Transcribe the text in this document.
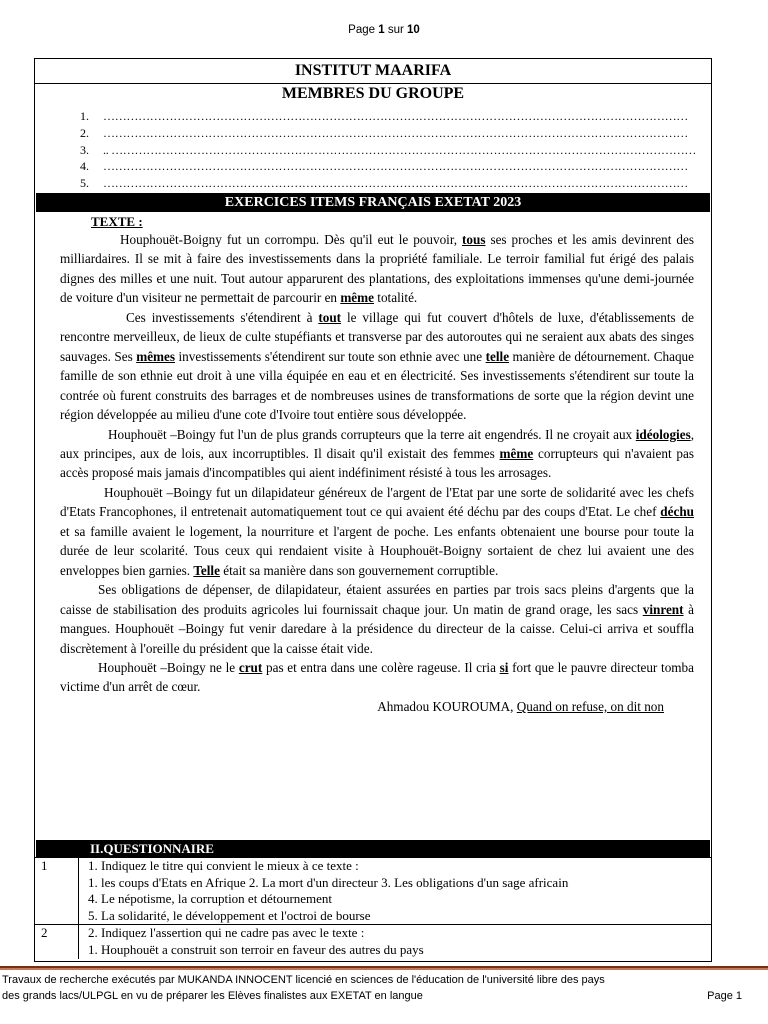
Page 1 sur 10
INSTITUT MAARIFA
MEMBRES DU GROUPE
1. ……………………………………………………………………………………………………………………………………
2. ……………………………………………………………………………………………………………………………………
3. .. ……………………………………………………………………………………………………………………………………
4. ……………………………………………………………………………………………………………………………………
5. ……………………………………………………………………………………………………………………………………
EXERCICES ITEMS FRANÇAIS EXETAT 2023
TEXTE :

Houphouët-Boigny fut un corrompu. Dès qu'il eut le pouvoir, tous ses proches et les amis devinrent des milliardaires. Il se mit à faire des investissements dans la propriété familiale. Le terroir familial fut érigé des palais dignes des milles et une nuit. Tout autour apparurent des plantations, des exploitations immenses qu'une demi-journée de voiture d'un visiteur ne permettait de parcourir en même totalité.

Ces investissements s'étendirent à tout le village qui fut couvert d'hôtels de luxe, d'établissements de rencontre merveilleux, de lieux de culte stupéfiants et transverse par des autoroutes qui ne seraient aux abats des singes sauvages. Ses mêmes investissements s'étendirent sur toute son ethnie avec une telle manière de détournement. Chaque famille de son ethnie eut droit à une villa équipée en eau et en électricité. Ses investissements s'étendirent sur toute la contrée où furent construits des barrages et de nombreuses usines de transformations de sorte que la région devint une région développée au milieu d'une cote d'Ivoire tout entière sous développée.

Houphouët –Boingy fut l'un de plus grands corrupteurs que la terre ait engendrés. Il ne croyait aux idéologies, aux principes, aux de lois, aux incorruptibles. Il disait qu'il existait des femmes même corrupteurs qui n'avaient pas accès proposé mais jamais d'incompatibles qui aient indéfiniment résisté à tous les arrosages.

Houphouët –Boingy fut un dilapidateur généreux de l'argent de l'Etat par une sorte de solidarité avec les chefs d'Etats Francophones, il entretenait automatiquement tout ce qui avaient été déchu par des coups d'Etat. Le chef déchu et sa famille avaient le logement, la nourriture et l'argent de poche. Les enfants obtenaient une bourse pour toute la durée de leur scolarité. Tous ceux qui rendaient visite à Houphouët-Boigny sortaient de chez lui avaient une des enveloppes bien garnies. Telle était sa manière dans son gouvernement corruptible.

Ses obligations de dépenser, de dilapidateur, étaient assurées en parties par trois sacs pleins d'argents que la caisse de stabilisation des produits agricoles lui fournissait chaque jour. Un matin de grand orage, les sacs vinrent à mangues. Houphouët –Boingy fut venir daredare à la présidence du directeur de la caisse. Celui-ci arriva et souffla discrètement à l'oreille du président que la caisse était vide.

Houphouët –Boingy ne le crut pas et entra dans une colère rageuse. Il cria si fort que le pauvre directeur tomba victime d'un arrêt de cœur.

Ahmadou KOUROUMA, Quand on refuse, on dit non

II.QUESTIONNAIRE
1	1. Indiquez le titre qui convient le mieux à ce texte :
1. les coups d'Etats en Afrique 2. La mort d'un directeur 3. Les obligations d'un sage africain
4. Le népotisme, la corruption et détournement
5. La solidarité, le développement et l'octroi de bourse
2	2. Indiquez l'assertion qui ne cadre pas avec le texte :
1. Houphouët a construit son terroir en faveur des autres du pays
Travaux de recherche exécutés par MUKANDA INNOCENT licencié en sciences de l'éducation de l'université libre des pays
des grands lacs/ULPGL en vu de préparer les Elèves finalistes aux EXETAT en langue	Page 1
